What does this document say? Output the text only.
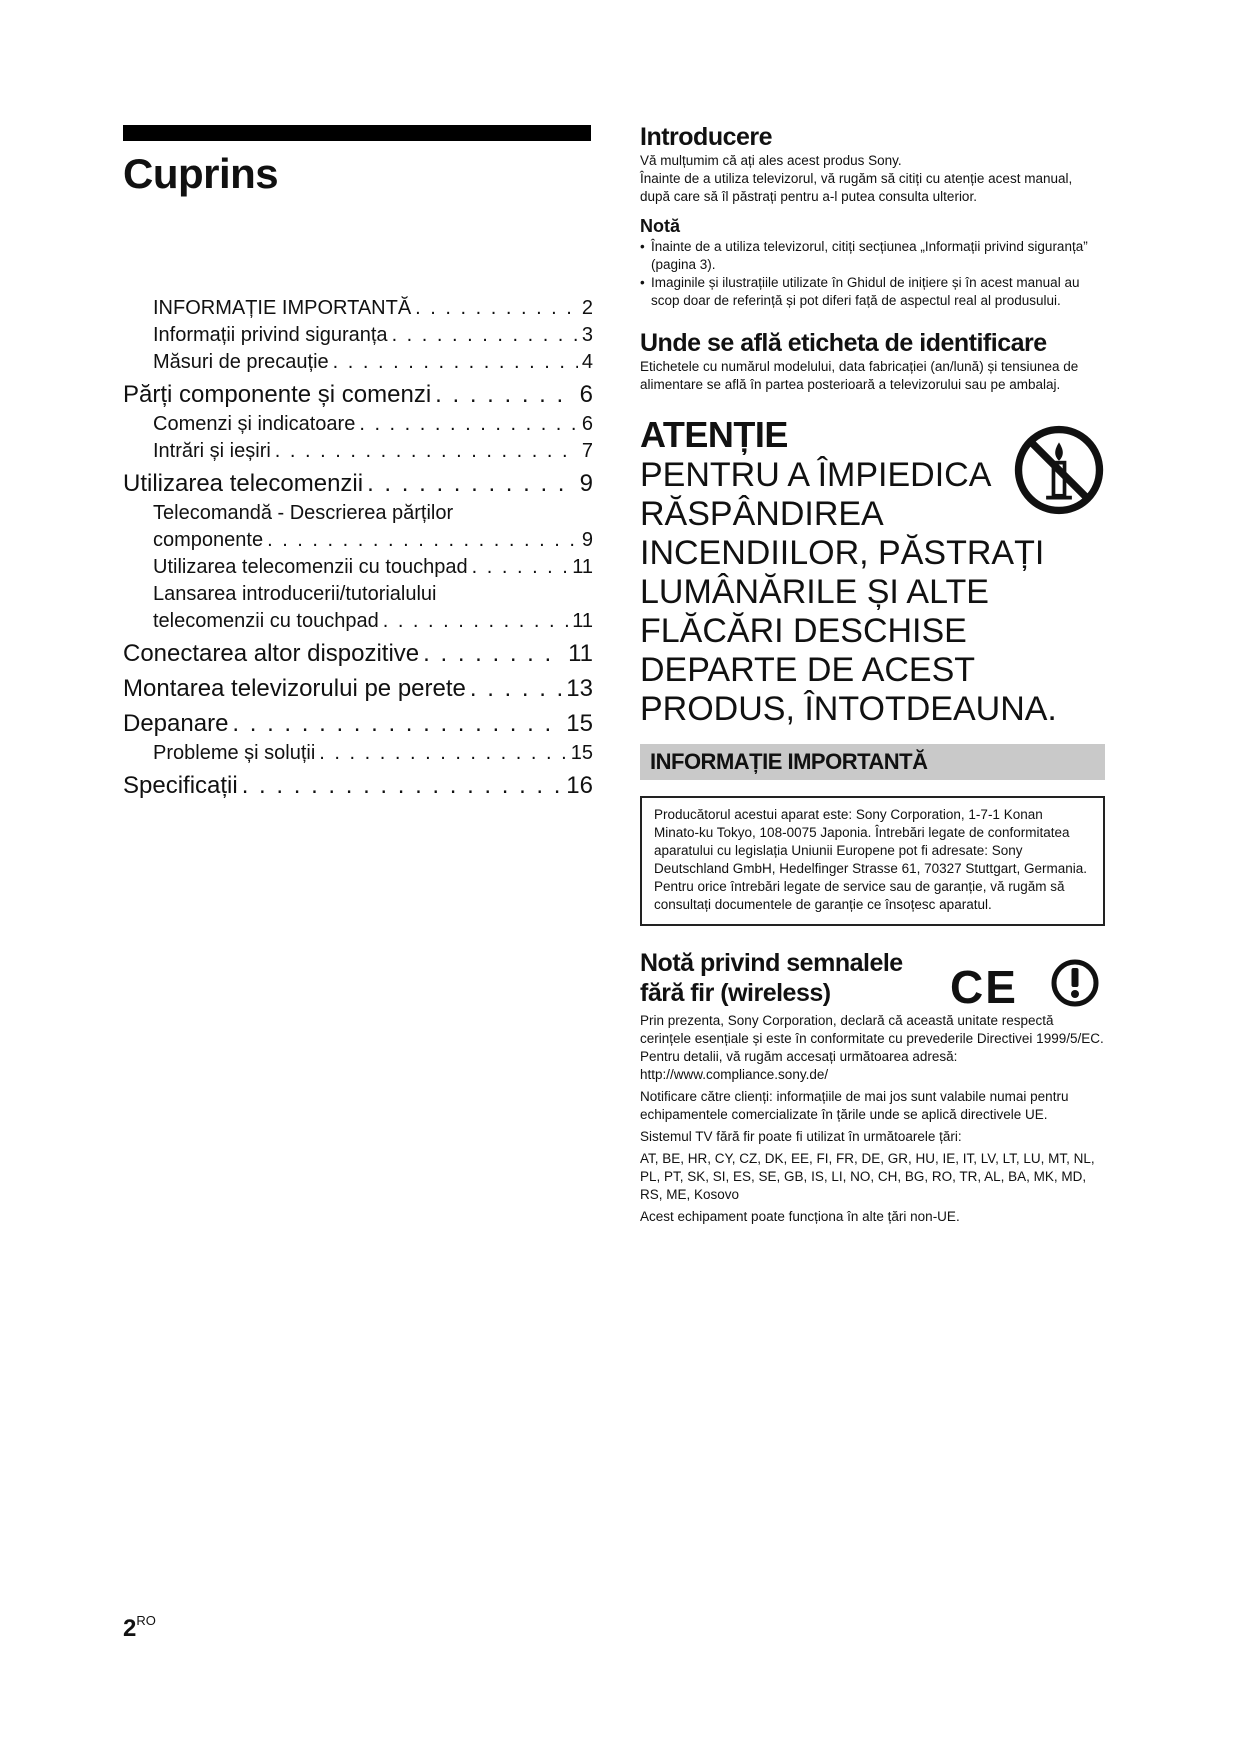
Cuprins
INFORMAȚIE IMPORTANTĂ . . .	2
Informații privind siguranța . . .	3
Măsuri de precauție . . .	4
Părți componente și comenzi . . .	6
Comenzi și indicatoare . . .	6
Intrări și ieșiri . . .	7
Utilizarea telecomenzii . . .	9
Telecomandă - Descrierea părților
componente . . .	9
Utilizarea telecomenzii cu touchpad . . .	11
Lansarea introducerii/tutorialului
telecomenzii cu touchpad . . .	11
Conectarea altor dispozitive . . .	11
Montarea televizorului pe perete . . .	13
Depanare . . .	15
Probleme și soluții . . .	15
Specificații . . .	16
Introducere

Vă mulțumim că ați ales acest produs Sony.

Înainte de a utiliza televizorul, vă rugăm să citiți cu atenție acest manual, după care să îl păstrați pentru a-l putea consulta ulterior.

Notă
• Înainte de a utiliza televizorul, citiți secțiunea „Informații privind siguranța” (pagina 3).
• Imaginile și ilustrațiile utilizate în Ghidul de inițiere și în acest manual au scop doar de referință și pot diferi față de aspectul real al produsului.
Unde se află eticheta de identificare

Etichetele cu numărul modelului, data fabricației (an/lună) și tensiunea de alimentare se află în partea posterioară a televizorului sau pe ambalaj.

ATENȚIE
PENTRU A ÎMPIEDICA RĂSPÂNDIREA INCENDIILOR, PĂSTRAȚI LUMÂNĂRILE ȘI ALTE FLĂCĂRI DESCHISE DEPARTE DE ACEST PRODUS, ÎNTOTDEAUNA.
INFORMAȚIE IMPORTANTĂ

Producătorul acestui aparat este: Sony Corporation, 1-7-1 Konan Minato-ku Tokyo, 108-0075 Japonia. Întrebări legate de conformitatea aparatului cu legislația Uniunii Europene pot fi adresate: Sony Deutschland GmbH, Hedelfinger Strasse 61, 70327 Stuttgart, Germania. Pentru orice întrebări legate de service sau de garanție, vă rugăm să consultați documentele de garanție ce însoțesc aparatul.

Notă privind semnalele fără fir (wireless)	CE

Prin prezenta, Sony Corporation, declară că această unitate respectă cerințele esențiale și este în conformitate cu prevederile Directivei 1999/5/EC.

Pentru detalii, vă rugăm accesați următoarea adresă:

http://www.compliance.sony.de/

Notificare către clienți: informațiile de mai jos sunt valabile numai pentru echipamentele comercializate în țările unde se aplică directivele UE.

Sistemul TV fără fir poate fi utilizat în următoarele țări:

AT, BE, HR, CY, CZ, DK, EE, FI, FR, DE, GR, HU, IE, IT, LV, LT, LU, MT, NL, PL, PT, SK, SI, ES, SE, GB, IS, LI, NO, CH, BG, RO, TR, AL, BA, MK, MD, RS, ME, Kosovo

Acest echipament poate funcționa în alte țări non-UE.

$2^{RO}$
